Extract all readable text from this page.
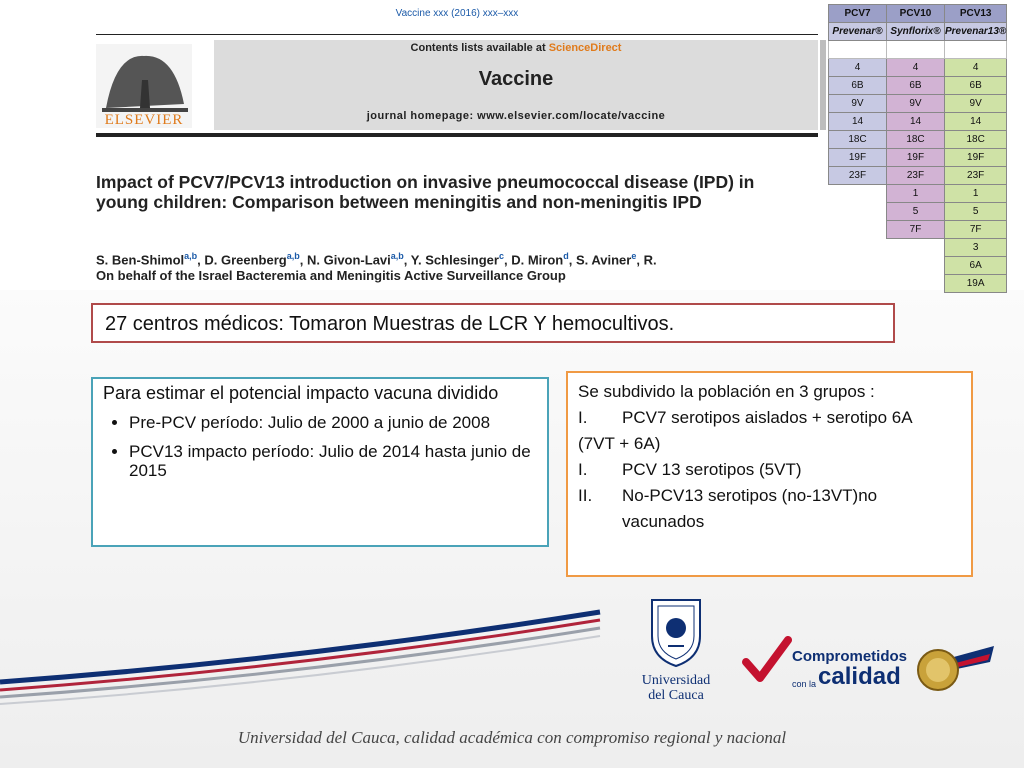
Vaccine xxx (2016) xxx–xxx
ELSEVIER
Contents lists available at ScienceDirect
Vaccine
journal homepage: www.elsevier.com/locate/vaccine
Impact of PCV7/PCV13 introduction on invasive pneumococcal disease (IPD) in young children: Comparison between meningitis and non-meningitis IPD
S. Ben-Shimol$^{a,b}$, D. Greenberg$^{a,b}$, N. Givon-Lavi$^{a,b}$, Y. Schlesinger$^c$, D. Miron$^d$, S. Aviner$^e$, R.
On behalf of the Israel Bacteremia and Meningitis Active Surveillance Group
PCV7	PCV10	PCV13
Prevenar®	Synflorix®	Prevenar13®

4	4	4
6B	6B	6B
9V	9V	9V
14	14	14
18C	18C	18C
19F	19F	19F
23F	23F	23F
	1	1
	5	5
	7F	7F
		3
		6A
		19A
27 centros médicos: Tomaron Muestras de LCR Y hemocultivos.
Para estimar el potencial impacto vacuna dividido
• Pre-PCV período: Julio de 2000 a junio de 2008
• PCV13 impacto período: Julio de 2014 hasta junio de 2015
Se subdivido la población en 3 grupos :
I.	PCV7 serotipos aislados + serotipo 6A
(7VT + 6A)
I.	PCV 13 serotipos (5VT)
II.	No-PCV13 serotipos (no-13VT)no vacunados
Universidad
del Cauca
Comprometidos
con lacalidad
Universidad del Cauca, calidad académica con compromiso regional y nacional
